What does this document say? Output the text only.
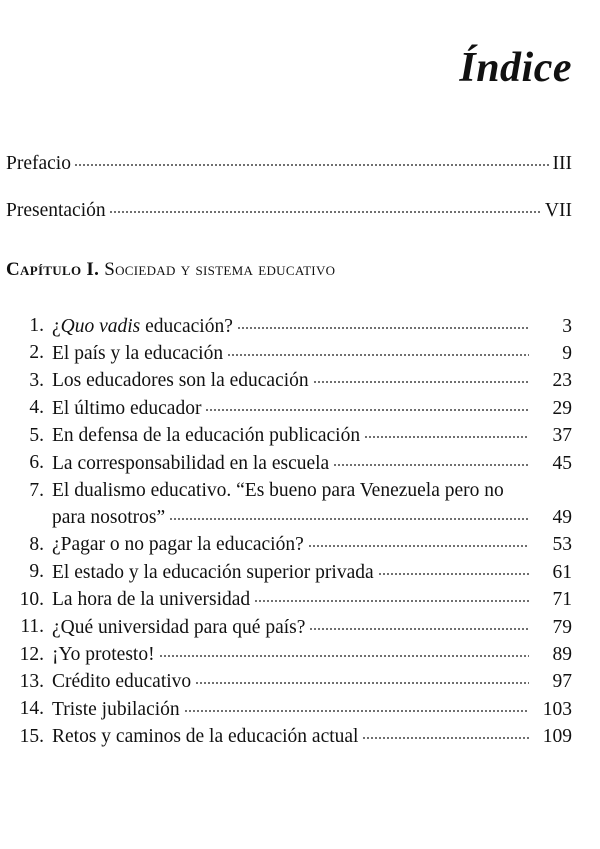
Índice
Prefacio	III
Presentación	VII
Capítulo I. Sociedad y sistema educativo
1. ¿Quo vadis educación?	3
2. El país y la educación	9
3. Los educadores son la educación	23
4. El último educador	29
5. En defensa de la educación publicación	37
6. La corresponsabilidad en la escuela	45
7. El dualismo educativo. “Es bueno para Venezuela pero no
para nosotros”	49
8. ¿Pagar o no pagar la educación?	53
9. El estado y la educación superior privada	61
10. La hora de la universidad	71
11. ¿Qué universidad para qué país?	79
12. ¡Yo protesto!	89
13. Crédito educativo	97
14. Triste jubilación	103
15. Retos y caminos de la educación actual	109
